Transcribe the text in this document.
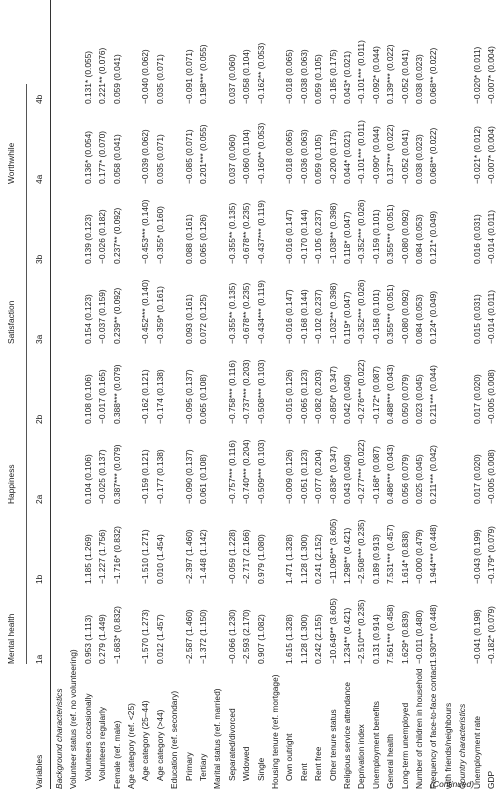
Mental health
Happiness
Satisfaction
Worthwhile
Variables
1a
1b
2a
2b
3a
3b
4a
4b
Background characteristics Volunteer status (ref. no volunteering) Volunteers occasionally
0.953 (1.113)
1.185 (1.269)
0.104 (0.106)
0.108 (0.106)
0.154 (0.123)
0.139 (0.123)
0.136* (0.054)
0.131* (0.055)
Volunteers regularly
0.279 (1.449)
−1.227 (1.756)
−0.025 (0.137)
−0.017 (0.165)
−0.037 (0.159)
−0.026 (0.182)
0.177* (0.070)
0.221** (0.076)
Female (ref. male)
−1.683* (0.832)
−1.716* (0.832)
0.387*** (0.079)
0.388*** (0.079)
0.239** (0.092)
0.237** (0.092)
0.058 (0.041)
0.059 (0.041)
Age category (ref. <25) Age category (25–44)
−1.570 (1.273)
−1.510 (1.271)
−0.159 (0.121)
−0.162 (0.121)
−0.452*** (0.140)
−0.453*** (0.140)
−0.039 (0.062)
−0.040 (0.062)
Age category (>44)
0.012 (1.457)
0.010 (1.454)
−0.177 (0.138)
−0.174 (0.138)
−0.359* (0.161)
−0.355* (0.160)
0.035 (0.071)
0.035 (0.071)
Education (ref. secondary) Primary
−2.587 (1.460)
−2.397 (1.460)
−0.090 (0.137)
−0.095 (0.137)
0.093 (0.161)
0.088 (0.161)
−0.085 (0.071)
−0.091 (0.071)
Tertiary
−1.372 (1.150)
−1.448 (1.142)
0.061 (0.108)
0.065 (0.108)
0.072 (0.125)
0.065 (0.126)
0.201*** (0.055)
0.198*** (0.055)
Marital status (ref. married) Separated/divorced
−0.066 (1.230)
−0.059 (1.228)
−0.757*** (0.116)
−0.758*** (0.116)
−0.355** (0.135)
−0.355** (0.135)
0.037 (0.060)
0.037 (0.060)
Widowed
−2.593 (2.170)
−2.717 (2.166)
−0.740*** (0.204)
−0.737*** (0.203)
−0.678** (0.235)
−0.678** (0.235)
−0.060 (0.104)
−0.058 (0.104)
Single
0.907 (1.082)
0.979 (1.080)
−0.509*** (0.103)
−0.508*** (0.103)
−0.434*** (0.119)
−0.437*** (0.119)
−0.160** (0.053)
−0.162** (0.053)
Housing tenure (ref. mortgage) Own outright
1.615 (1.328)
1.471 (1.328)
−0.009 (0.126)
−0.015 (0.126)
−0.016 (0.147)
−0.016 (0.147)
−0.018 (0.065)
−0.018 (0.065)
Rent
1.128 (1.300)
1.128 (1.300)
−0.051 (0.123)
−0.065 (0.123)
−0.168 (0.144)
−0.170 (0.144)
−0.036 (0.063)
−0.038 (0.063)
Rent free
0.242 (2.155)
0.241 (2.152)
−0.077 (0.204)
−0.082 (0.203)
−0.102 (0.237)
−0.105 (0.237)
0.059 (0.105)
0.059 (0.105)
Other tenure status
−10.649** (3.605)
−11.096** (3.605)
−0.836* (0.347)
−0.850* (0.347)
−1.032** (0.398)
−1.038** (0.398)
−0.200 (0.175)
−0.185 (0.175)
Religious service attendance
1.234** (0.421)
1.298** (0.421)
0.043 (0.040)
0.042 (0.040)
0.119* (0.047)
0.118* (0.047)
0.044* (0.021)
0.043* (0.021)
Deprivation index
−2.510*** (0.235)
−2.508*** (0.235)
−0.277*** (0.022)
−0.276*** (0.022)
−0.352*** (0.026)
−0.352*** (0.026)
−0.101*** (0.011)
−0.101*** (0.011)
Unemployment benefits
0.131 (0.914)
0.189 (0.913)
−0.168* (0.087)
−0.172* (0.087)
−0.158 (0.101)
−0.159 (0.101)
−0.090* (0.044)
−0.092* (0.044)
General health
7.561*** (0.458)
7.531*** (0.457)
0.486*** (0.043)
0.488*** (0.043)
0.355*** (0.051)
0.355*** (0.051)
0.137*** (0.022)
0.139*** (0.022)
Long-term unemployed
1.629* (0.839)
1.614* (0.838)
0.056 (0.079)
0.050 (0.079)
−0.080 (0.092)
−0.080 (0.092)
−0.052 (0.041)
−0.052 (0.041)
Number of children in household
−0.011 (0.480)
−0.000 (0.479)
0.025 (0.045)
0.023 (0.045)
0.084 (0.053)
0.084 (0.053)
0.038 (0.023)
0.038 (0.023)
Frequency of face-to-face contact
1.930*** (0.448)
1.944*** (0.448)
0.211*** (0.042)
0.211*** (0.044)
0.124* (0.049)
0.121* (0.049)
0.068** (0.022)
0.068** (0.022)
with friends/neighbours Country characteristics Unemployment rate
−0.041 (0.198)
−0.043 (0.199)
0.017 (0.020)
0.017 (0.020)
0.015 (0.031)
0.016 (0.031)
−0.021* (0.012)
−0.020* (0.011)
GDP
−0.182* (0.079)
−0.179* (0.079)
−0.005 (0.008)
−0.005 (0.008)
−0.014 (0.011)
−0.014 (0.011)
−0.007* (0.004)
−0.007* (0.004)
(Continued)
